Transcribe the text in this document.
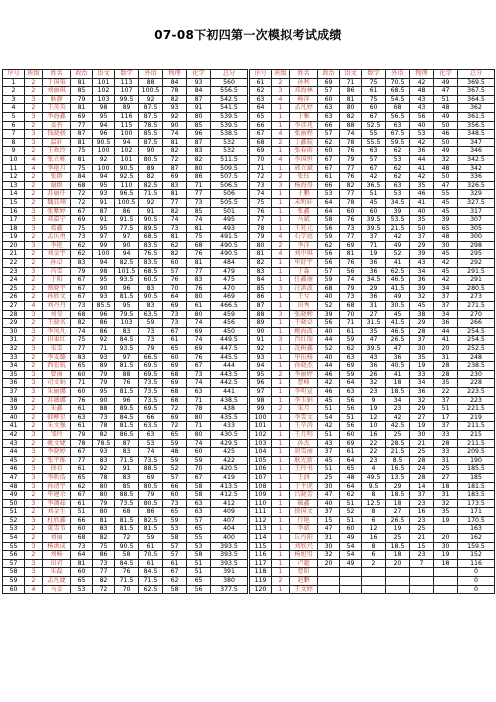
07-08下初四第一次模拟考试成绩
序号	班级	姓名	政治	语文	数学	外语	物理	化学	总分
1	2	于国策	81	101	113	88	84	93	560
2	2	刘丽琪	85	102	107	100.5	78	84	556.5
3	3	耿静	79	103	99.5	92	82	87	542.5
4	2	王英英	81	98	89	87.5	93	91	541.5
5	3	李海鑫	69	95	116	87.5	92	80	539.5
6	2	姜苔	77	94	115	78.5	90	85	539.5
7	3	钱晓骏	87	96	100	85.5	74	96	538.5
8	3	温轩	81	90.5	94	87.5	81	87	532
9	2	王欢玲	75	100	102	90	82	83	532
10	4	张立栋	81	92	101	80.5	72	82	511.5
11	4	李艳月	75	100	90.5	89	87	80	509.5
12	2	张群	84	94	92.5	82	69	86	507.5
13	2	谢群	68	95	110	82.5	83	71	506.5
14	2	苏丽仟	72	93	96.5	71.5	81	77	506
15	2	魏显翔	72	91	100.5	92	77	73	505.5
16	3	张紫婷	67	87	86	91	82	85	501
17	3	邓嘉宁	69	91	91.5	90.5	74	74	495
18	3	葛鑫	75	95	77.5	89.5	73	81	493
19	2	孟庆勇	73	97	97	68.5	81	75	491.5
20	3	李艳	62	99	90	83.5	62	68	490.5
21	2	刘金宇	62	100	94	76.5	82	76	490.5
22	2	孙卓	83	94	82.5	83.5	60	81	484
23	3	冯雪	79	98	101.5	68.5	57	77	479
24	2	于阳	67	95	93.5	60.5	76	83	475
25	2	蔡晓宇	67	90	96	83	70	76	470
26	2	孙欣文	67	93	81.5	90.5	64	80	469
27	4	刘丹丹	73	85.5	95	83	69	61	466.5
28	3	刘莹	68	96	79.5	63.5	73	80	459
29	2	王晓名	82	86	103	59	73	74	456
30	3	李凤凡	74	86	83	73	67	69	450
31	2	田秉红	75	92	84.5	73	61	74	449.5
32	3	宋雪	77	71	93.5	79	65	69	447.5
33	2	李雯璐	83	93	97	66.5	60	76	445.5
34	2	西宏航	65	89	81.5	69.5	69	67	444
35	3	曾丽	60	79	88	69.5	68	73	443.5
36	3	司文娟	71	79	76	73.5	69	74	442.5
37	3	朱丽娜	60	95	81.5	73.5	68	63	441
38	2	苏薇娜	76	90	96	73.5	68	71	438.5
39	2	朱鑫	61	88	89.5	69.5	72	78	438
40	2	韩柳星	63	73	84.5	66	69	80	435.5
41	2	朱文强	61	78	81.5	63.5	72	71	433
42	3	邹玲	79	82	86.5	63	65	80	430.5
43	2	姚文婕	78	78.5	87	53	59	74	429.5
44	3	李晓婷	67	93	83	74	48	60	425
45	2	张宇维	77	83	71.5	73.5	59	59	422
46	3	徐君	61	92	91	88.5	52	70	420.5
47	3	李昕浩	65	78	83	69	57	67	419
48	3	孙清宇	62	80	85	80.5	66	58	413.5
49	2	毕建余	67	80	88.5	79	60	58	412.5
50	3	李蔼茹	61	79	73.5	80.5	73	63	412
51	2	刘金生	51	80	68	86	65	63	409
52	3	杜欣鑫	66	81	81.5	82.5	59	57	407
53	2	董雪苇	60	83	81.5	81.5	53	65	404
54	2	刘丽	68	82	72	59	58	55	400
55	3	杨洪成	73	75	90.5	61	57	53	393.5
56	2	刘畅	64	86	58	70.5	57	58	393.5
57	3	田君	81	73	84.5	61	61	51	393.5
58	3	朱磊	60	77	76	84.5	67	51	391
59	2	孟凡婕	65	82	71.5	71.5	62	65	380
60	4	马金	53	72	70	62.5	58	56	377.5
序号	班级	姓名	政治	语文	数学	外语	物理	化学	总分
61	2	孙利	69	71	75	70.5	42	49	369.5
62	3	邓海林	57	86	61	68.5	48	47	367.5
63	4	畅萍	60	81	75	54.5	43	51	364.5
64	1	孟凡婷	63	80	60	68	43	48	362
65	1	于雅	63	82	67	56.5	56	49	361.5
66	1	李彦兆	66	88	52.5	63	40	50	356.5
67	4	张丽程	57	74	55	67.5	53	46	348.5
68	2	丁鑫航	62	78	55.5	59.5	42	50	347
69	1	张春雨	60	76	63	62	36	49	346
70	4	李国恒	67	79	57	53	44	32	342.5
71	1	郭立斌	67	77	67	62	41	48	342
72	2	张钰	61	76	42	62	42	50	336
73	3	杨海哥	66	82	36.5	63	35	47	326.5
74	1	于鹏	53	77	51	53	46	55	329
75	1	未明轩	64	78	45	34.5	41	45	327.5
76	1	张鑫	64	60	60	39	40	45	317
77	1	马斌	58	76	39.5	53.5	35	39	307
78	1	王兆元	56	73	39.5	21.5	50	65	305
79	4	石学庭	59	77	37	42	37	48	300
80	2	李洋	62	69	71	49	29	30	298
81	4	刘中琪	56	81	19	52	39	45	295
82	1	毕舒宇	56	76	36	41	43	42	292
83	1	于淼	57	56	36	62.5	34	45	291.5
84	1	任鑫丽	59	74	34.5	46.5	36	42	291
85	3	汪洪波	68	79	29	41.5	39	34	280.5
86	1	王兮	40	73	36	49	32	37	273
87	1	田秀	52	68	31	30.5	45	37	271.5
88	3	张晓蝉	39	70	27	45	38	34	270
89	1	王晓卓	56	71	31.5	41.5	29	36	266
90	1	鲍海波	40	61	35	46.5	28	44	254.5
91	3	肖红瑞	44	59	47	26.5	37	41	254.5
92	1	冼树鑫	52	62	39.5	47	30	20	252.5
93	1	毕伍杨	40	63	43	36	35	31	248
94	1	孙晓杰	44	69	36	40.5	19	28	238.5
95	2	李丽婷	46	59	26	41	33	28	230
96	1	曹峰	42	64	32	18	34	35	228
97	1	李明宣	46	63	23	18.5	36	22	223.5
98	1	李玉娟	45	56	9	34	32	37	223
99	2	宋月	51	56	19	23	29	51	221.5
100	1	李雪文	54	51	12	42	27	17	219
101	1	王辛涛	42	56	10	42.5	19	37	211.5
102	1	王月明	51	60	16	25	30	33	215
103	1	孙杰	43	69	22	28.5	21	28	211.5
104	1	胡雪丽	37	61	22	21.5	25	33	209.5
105	1	耿光新	45	64	23	8.5	28	31	190
106	1	王玲书	51	65	4	16.5	24	25	185.5
107	1	王润	25	48	49.5	13.5	28	27	185
108	1	于平虎	30	64	9.5	29	14	18	181.5
109	1	吕晓芳	47	62	8	18.5	37	31	183.5
110	1	破鑫	40	51	12.5	18	23	32	173.5
111	1	徐国文	37	52	8	27	16	35	171
112	1	行艳	15	51	6	26.5	23	19	170.5
113	1	李斌	47	60	12	19	25		163
114	1	丘丹阳	31	49	16	25	21	20	162
115	1	刘欣兴	30	54	8	18.5	15	30	159.5
116	1	杨旭男	32	54	6	18	23	19	152
117	1	卢超	20	49	2	20	7	18	116
118	1	曹阳							0
119	2	赵鹏							0
120	1	王文婷							0
